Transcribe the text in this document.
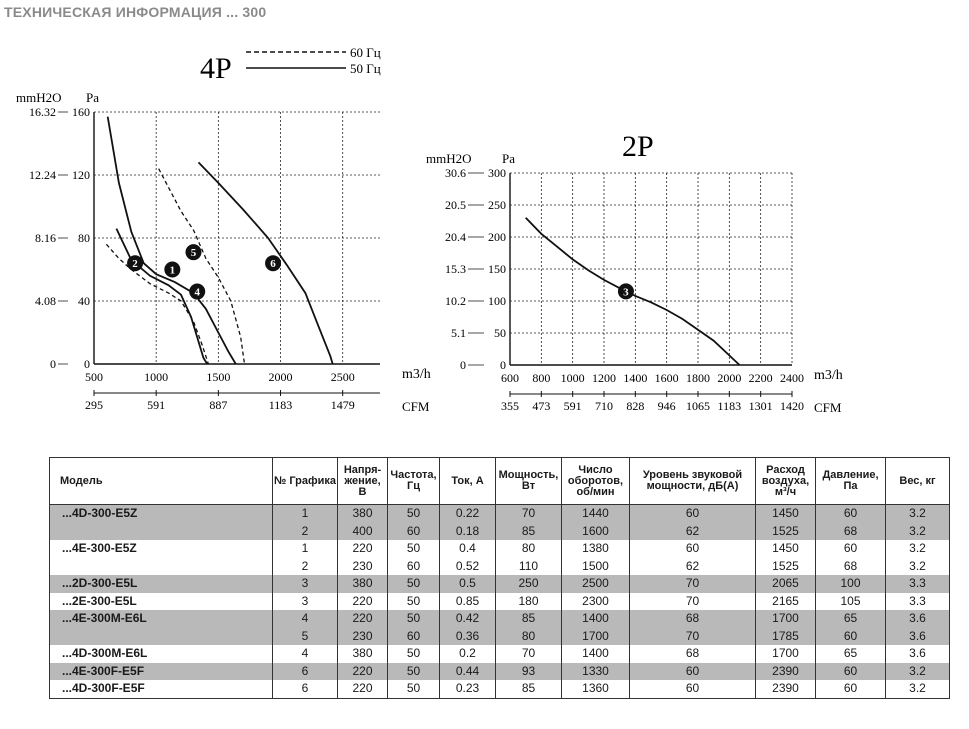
ТЕХНИЧЕСКАЯ ИНФОРМАЦИЯ ... 300
160
16.32
120
12.24
80
8.16
40
4.08
0
0
500
295
1000
591
1500
887
2000
1183
2500
1479
mmH2O Pa
m3/h
CFM
4P
1
2
4
5
6
60 Гц
50 Гц
300
30.6
250
20.5
200
20.4
150
15.3
100
10.2
50
5.1
0
0
600
355
800
473
1000
591
1200
710
1400
828
1600
946
1800
1065
2000
1183
2200
1301
2400
1420
mmH2O Pa
m3/h
CFM
2P
3
Модель	№ Графика	Напря-жение, В	Частота, Гц	Ток, А	Мощность, Вт	Число оборотов, об/мин	Уровень звуковой мощности, дБ(А)	Расход воздуха, м³/ч	Давление, Па	Вес, кг
...4D-300-E5Z	1	380	50	0.22	70	1440	60	1450	60	3.2
	2	400	60	0.18	85	1600	62	1525	68	3.2
...4E-300-E5Z	1	220	50	0.4	80	1380	60	1450	60	3.2
	2	230	60	0.52	110	1500	62	1525	68	3.2
...2D-300-E5L	3	380	50	0.5	250	2500	70	2065	100	3.3
...2E-300-E5L	3	220	50	0.85	180	2300	70	2165	105	3.3
...4E-300M-E6L	4	220	50	0.42	85	1400	68	1700	65	3.6
	5	230	60	0.36	80	1700	70	1785	60	3.6
...4D-300M-E6L	4	380	50	0.2	70	1400	68	1700	65	3.6
...4E-300F-E5F	6	220	50	0.44	93	1330	60	2390	60	3.2
...4D-300F-E5F	6	220	50	0.23	85	1360	60	2390	60	3.2
